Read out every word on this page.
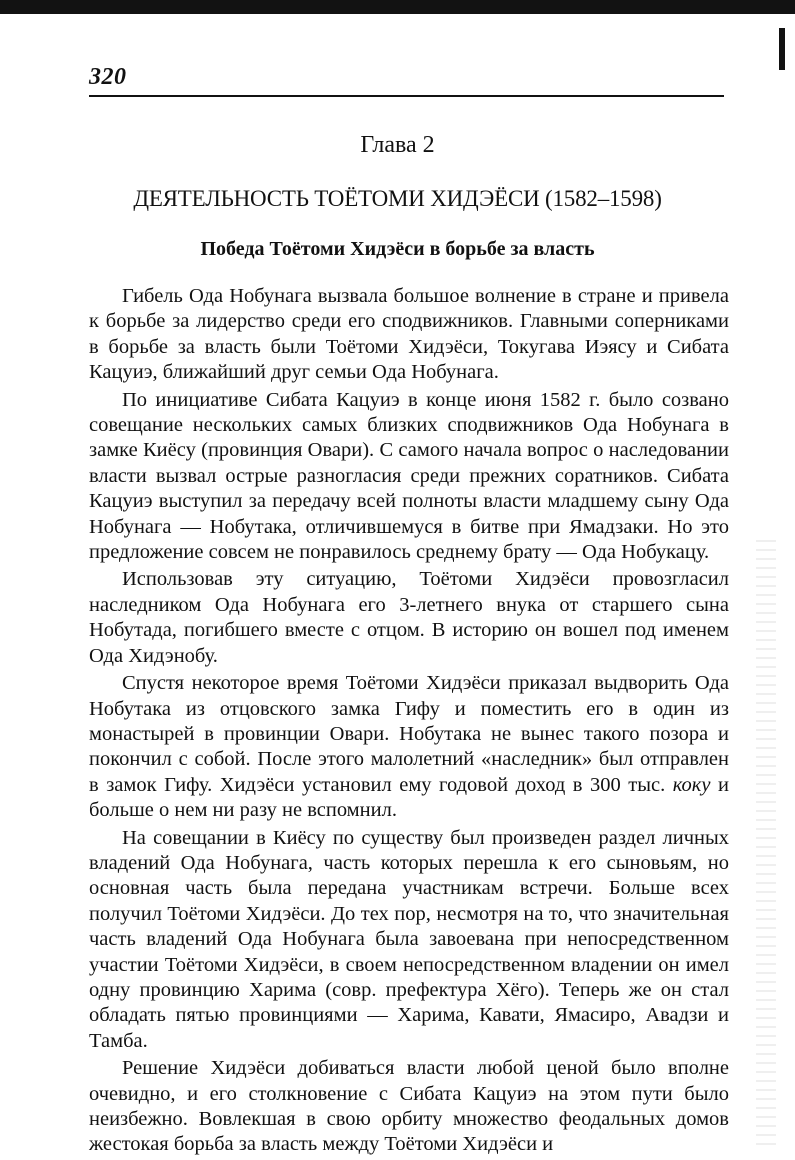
320
Глава 2
ДЕЯТЕЛЬНОСТЬ ТОЁТОМИ ХИДЭЁСИ (1582–1598)
Победа Тоётоми Хидэёси в борьбе за власть

Гибель Ода Нобунага вызвала большое волнение в стране и привела к борьбе за лидерство среди его сподвижников. Главными соперниками в борьбе за власть были Тоётоми Хидэёси, Токугава Иэясу и Сибата Кацуиэ, ближайший друг семьи Ода Нобунага.

По инициативе Сибата Кацуиэ в конце июня 1582 г. было созвано совещание нескольких самых близких сподвижников Ода Нобунага в замке Киёсу (провинция Овари). С самого начала вопрос о наследовании власти вызвал острые разногласия среди прежних соратников. Сибата Кацуиэ выступил за передачу всей полноты власти младшему сыну Ода Нобунага — Нобутака, отличившемуся в битве при Ямадзаки. Но это предложение совсем не понравилось среднему брату — Ода Нобукацу.

Использовав эту ситуацию, Тоётоми Хидэёси провозгласил наследником Ода Нобунага его 3-летнего внука от старшего сына Нобутада, погибшего вместе с отцом. В историю он вошел под именем Ода Хидэнобу.

Спустя некоторое время Тоётоми Хидэёси приказал выдворить Ода Нобутака из отцовского замка Гифу и поместить его в один из монастырей в провинции Овари. Нобутака не вынес такого позора и покончил с собой. После этого малолетний «наследник» был отправлен в замок Гифу. Хидэёси установил ему годовой доход в 300 тыс. коку и больше о нем ни разу не вспомнил.

На совещании в Киёсу по существу был произведен раздел личных владений Ода Нобунага, часть которых перешла к его сыновьям, но основная часть была передана участникам встречи. Больше всех получил Тоётоми Хидэёси. До тех пор, несмотря на то, что значительная часть владений Ода Нобунага была завоевана при непосредственном участии Тоётоми Хидэёси, в своем непосредственном владении он имел одну провинцию Харима (совр. префектура Хёго). Теперь же он стал обладать пятью провинциями — Харима, Кавати, Ямасиро, Авадзи и Тамба.

Решение Хидэёси добиваться власти любой ценой было вполне очевидно, и его столкновение с Сибата Кацуиэ на этом пути было неизбежно. Вовлекшая в свою орбиту множество феодальных домов жестокая борьба за власть между Тоётоми Хидэёси и
